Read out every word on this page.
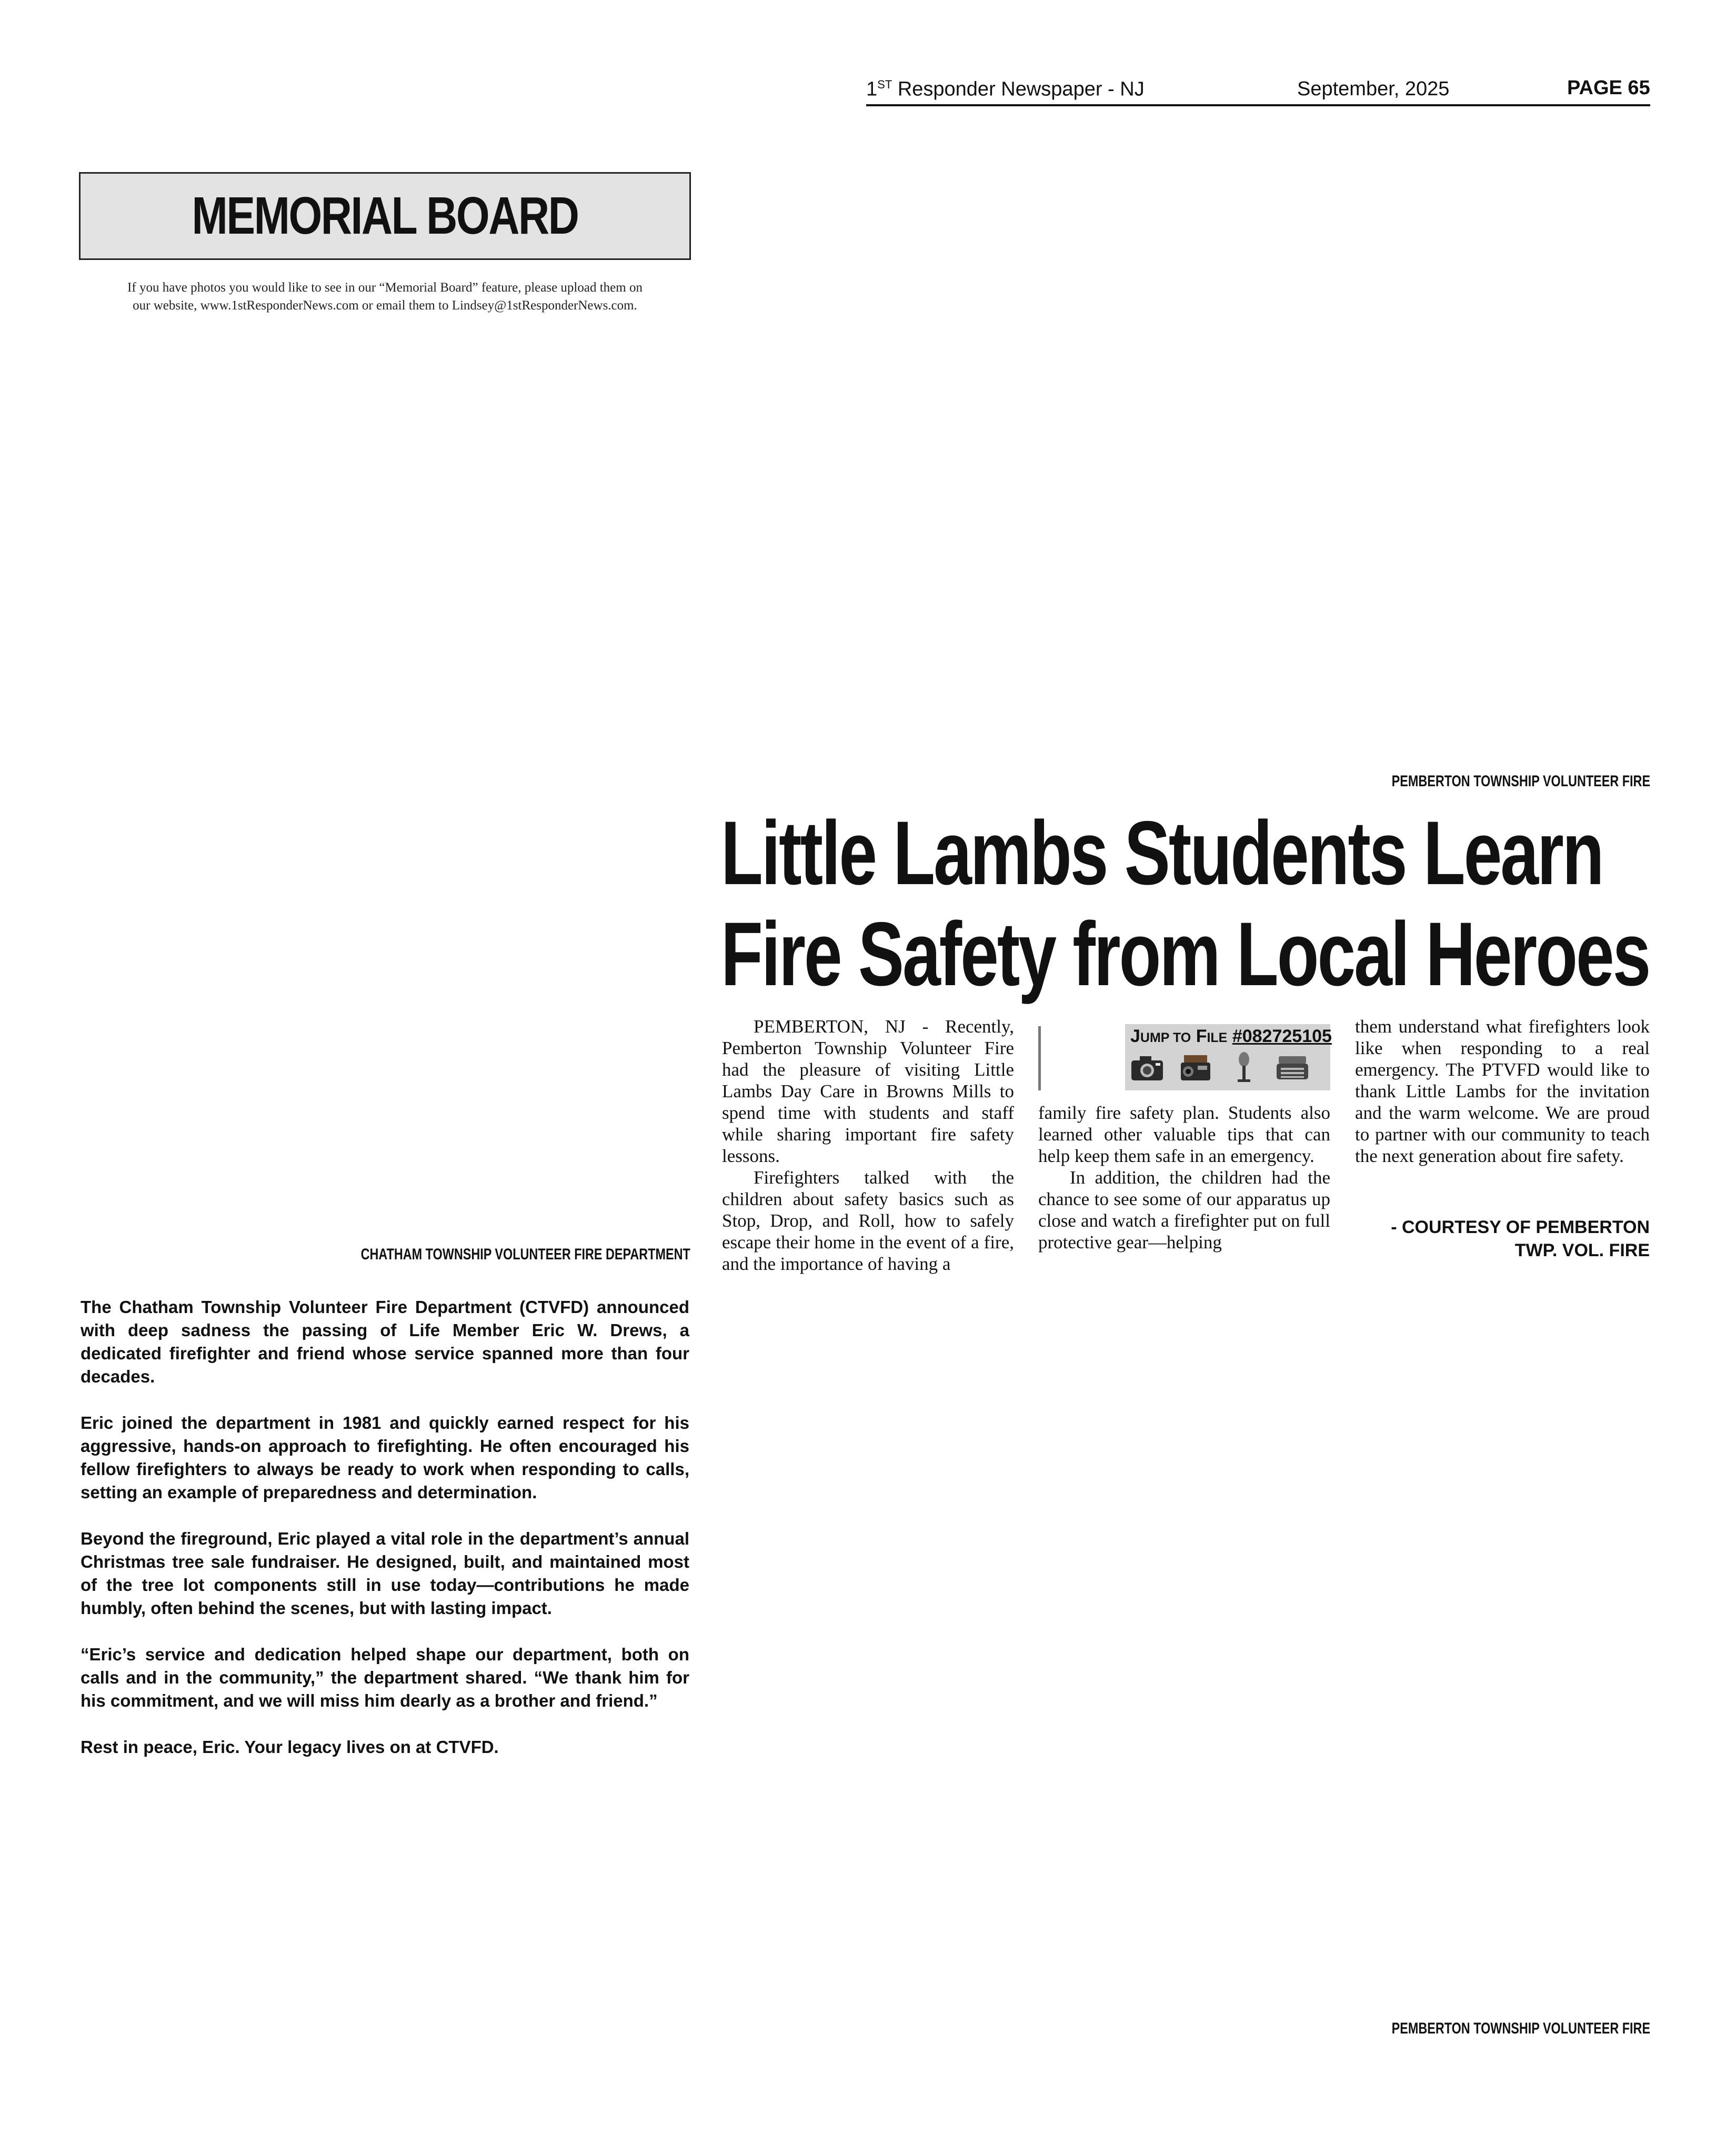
1ST Responder Newspaper - NJ	September, 2025	PAGE 65
MEMORIAL BOARD
If you have photos you would like to see in our “Memorial Board” feature, please upload them on
our website, www.1stResponderNews.com or email them to Lindsey@1stResponderNews.com.
CHATHAM TOWNSHIP VOLUNTEER FIRE DEPARTMENT

The Chatham Township Volunteer Fire Department (CTVFD) announced with deep sadness the passing of Life Member Eric W. Drews, a dedicated firefighter and friend whose service spanned more than four decades.

Eric joined the department in 1981 and quickly earned respect for his aggressive, hands-on approach to firefighting. He often encouraged his fellow firefighters to always be ready to work when responding to calls, setting an example of preparedness and determination.

Beyond the fireground, Eric played a vital role in the department’s annual Christmas tree sale fundraiser. He designed, built, and maintained most of the tree lot components still in use today—contributions he made humbly, often behind the scenes, but with lasting impact.

“Eric’s service and dedication helped shape our department, both on calls and in the community,” the department shared. “We thank him for his commitment, and we will miss him dearly as a brother and friend.”

Rest in peace, Eric. Your legacy lives on at CTVFD.

PEMBERTON TOWNSHIP VOLUNTEER FIRE
Little Lambs Students Learn
Fire Safety from Local Heroes

PEMBERTON, NJ - Recently, Pemberton Township Volunteer Fire had the pleasure of visiting Little Lambs Day Care in Browns Mills to spend time with students and staff while sharing important fire safety lessons.

Firefighters talked with the children about safety basics such as Stop, Drop, and Roll, how to safely escape their home in the event of a fire, and the importance of having a

JUMP TO FILE #082725105

family fire safety plan. Students also learned other valuable tips that can help keep them safe in an emergency.

In addition, the children had the chance to see some of our apparatus up close and watch a firefighter put on full protective gear—helping

them understand what firefighters look like when responding to a real emergency. The PTVFD would like to thank Little Lambs for the invitation and the warm welcome. We are proud to partner with our community to teach the next generation about fire safety.

- COURTESY OF PEMBERTON
TWP. VOL. FIRE
PEMBERTON TOWNSHIP VOLUNTEER FIRE
